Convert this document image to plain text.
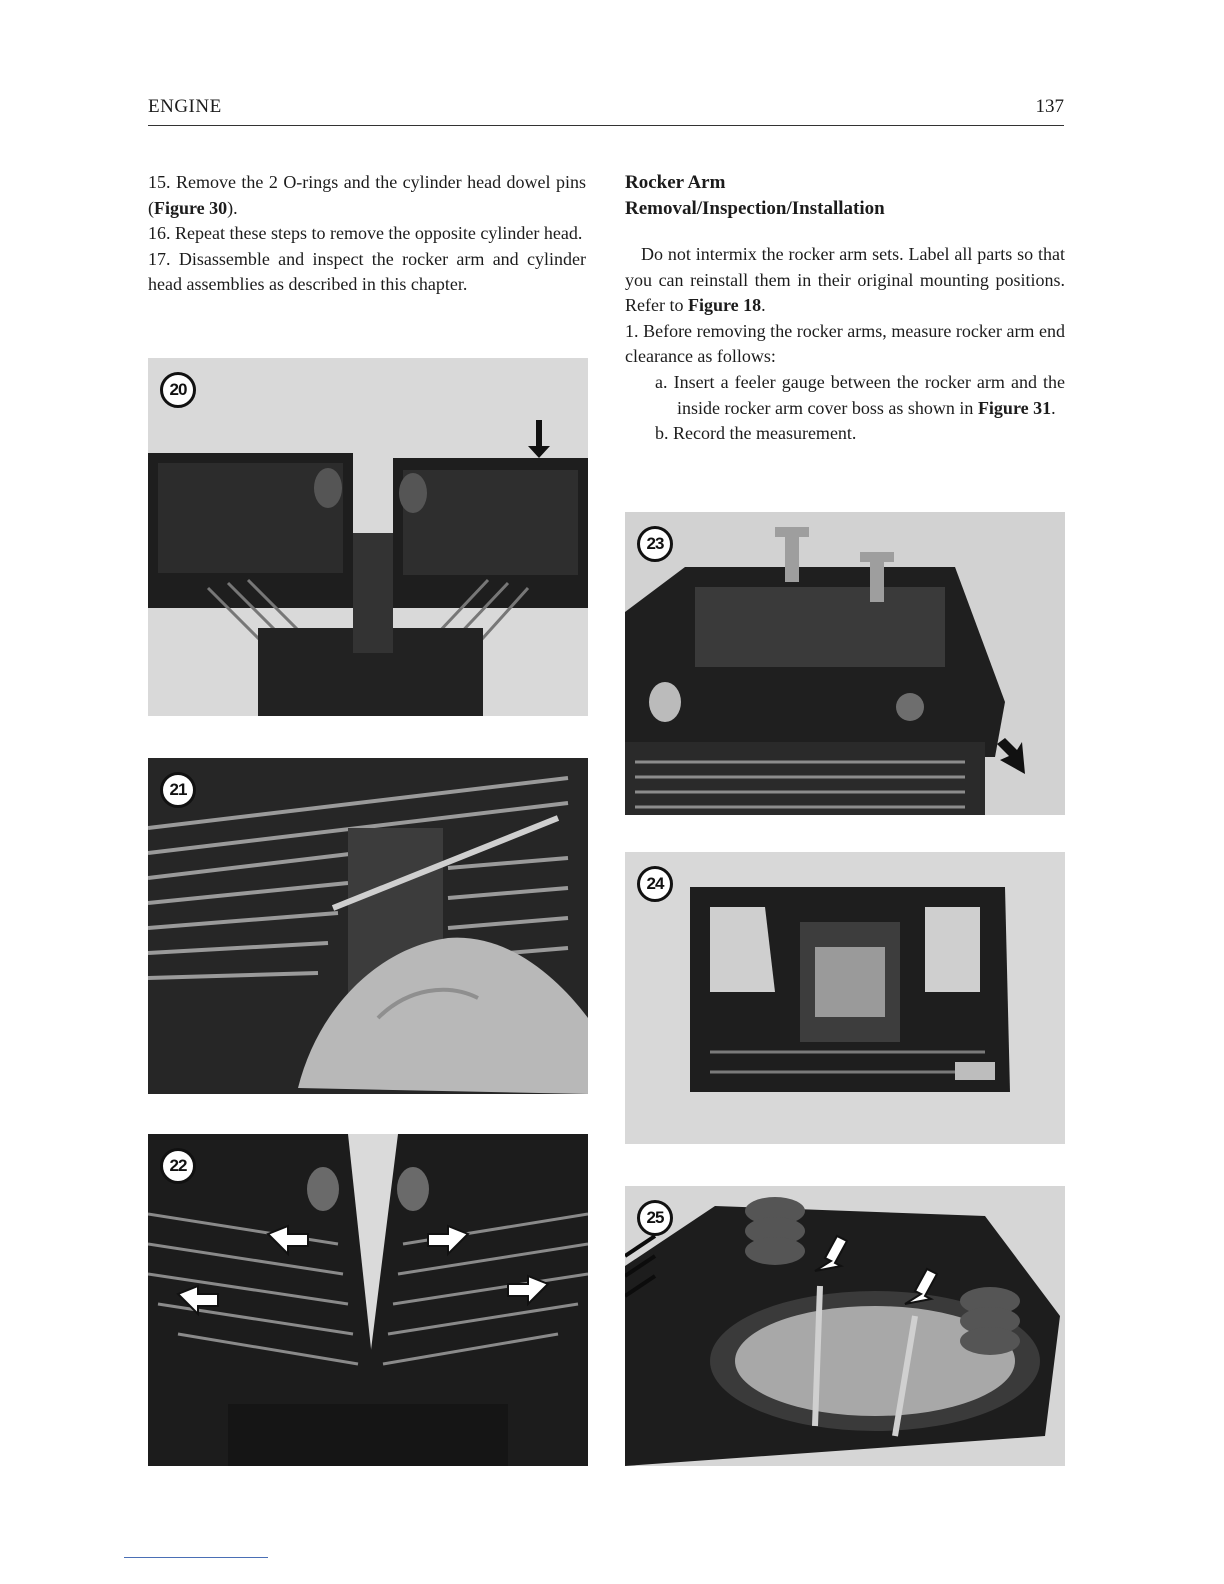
ENGINE	137

15. Remove the 2 O-rings and the cylinder head dowel pins (Figure 30).

16. Repeat these steps to remove the opposite cylinder head.

17. Disassemble and inspect the rocker arm and cylinder head assemblies as described in this chapter.

Rocker Arm
Removal/Inspection/Installation

Do not intermix the rocker arm sets. Label all parts so that you can reinstall them in their original mounting positions. Refer to Figure 18.

1. Before removing the rocker arms, measure rocker arm end clearance as follows:

a. Insert a feeler gauge between the rocker arm and the inside rocker arm cover boss as shown in Figure 31.

b. Record the measurement.

20
21
22
23
24
25
